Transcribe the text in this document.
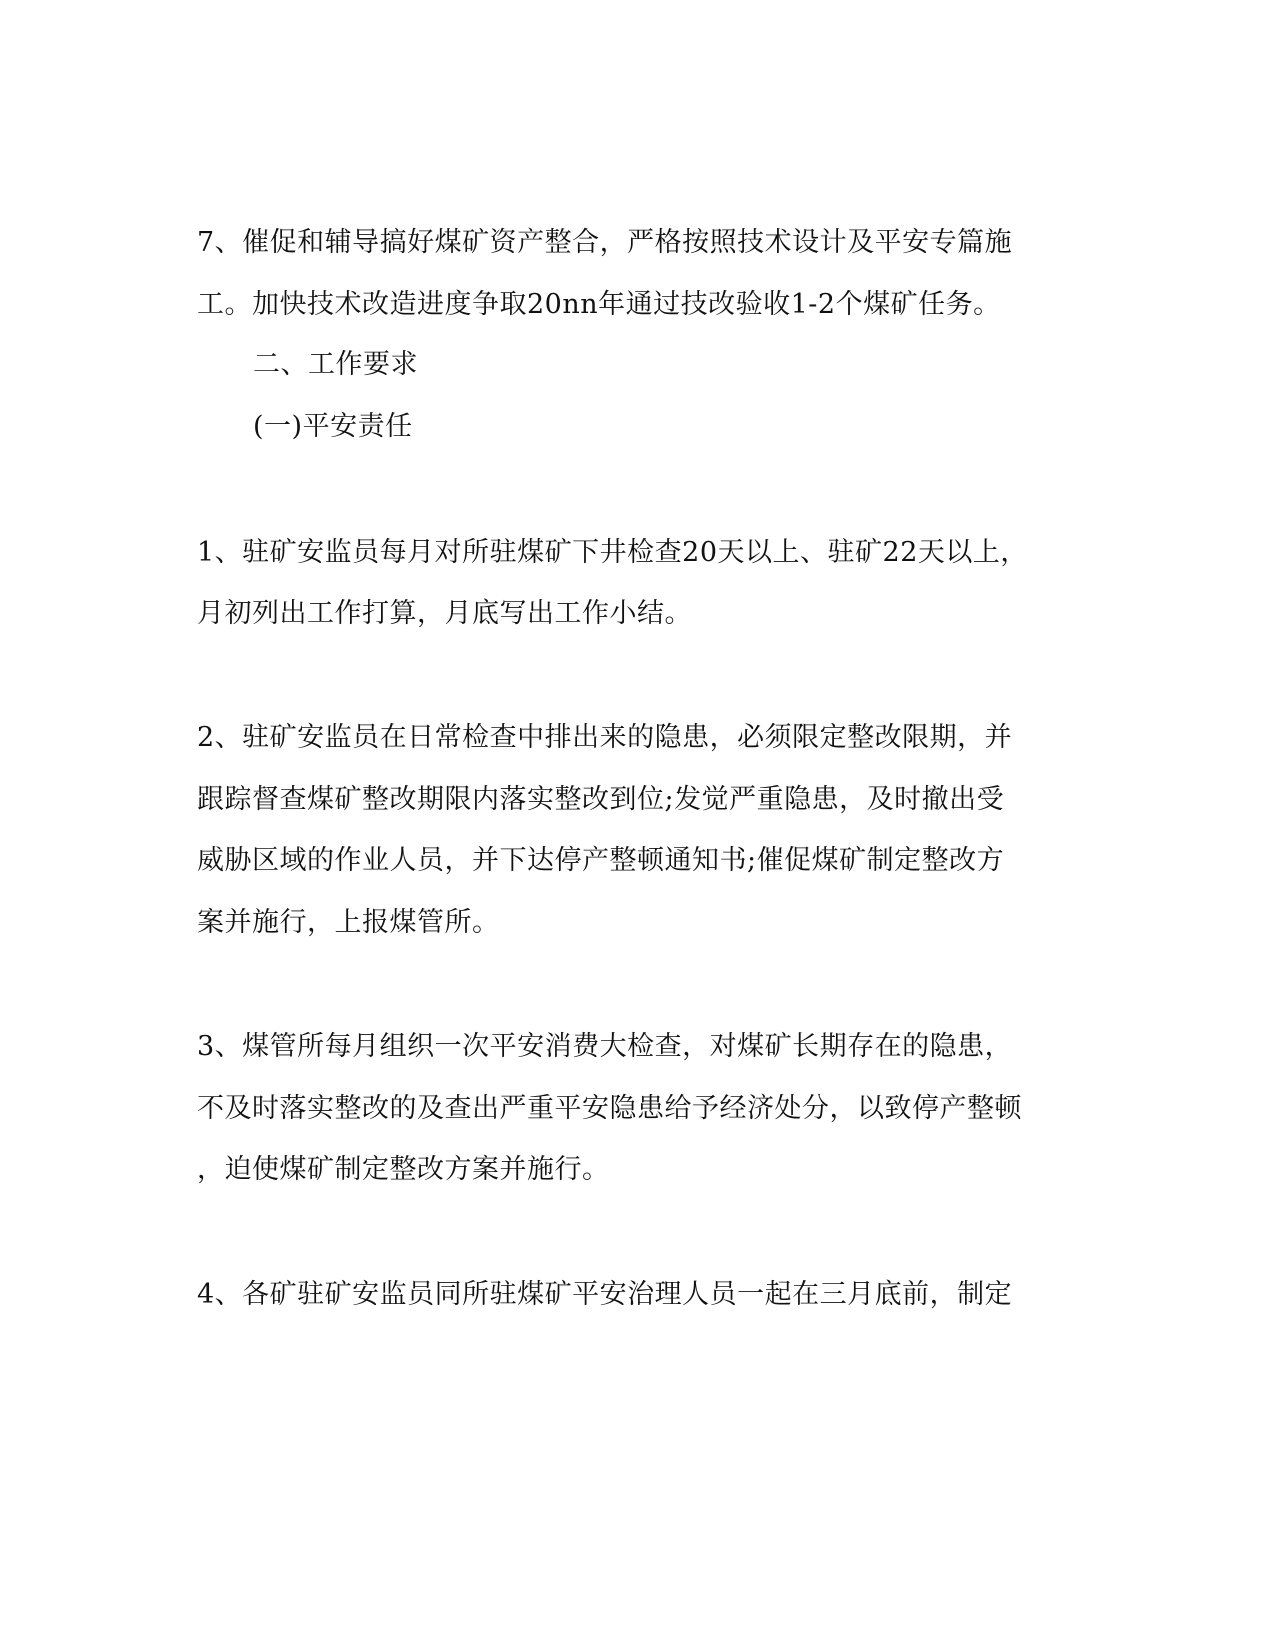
7、催促和辅导搞好煤矿资产整合，严格按照技术设计及平安专篇施
工。加快技术改造进度争取20nn年通过技改验收1-2个煤矿任务。
二、工作要求
(一)平安责任
1、驻矿安监员每月对所驻煤矿下井检查20天以上、驻矿22天以上，
月初列出工作打算，月底写出工作小结。
2、驻矿安监员在日常检查中排出来的隐患，必须限定整改限期，并
跟踪督查煤矿整改期限内落实整改到位;发觉严重隐患，及时撤出受
威胁区域的作业人员，并下达停产整顿通知书;催促煤矿制定整改方
案并施行，上报煤管所。
3、煤管所每月组织一次平安消费大检查，对煤矿长期存在的隐患，
不及时落实整改的及查出严重平安隐患给予经济处分，以致停产整顿
，迫使煤矿制定整改方案并施行。
4、各矿驻矿安监员同所驻煤矿平安治理人员一起在三月底前，制定
